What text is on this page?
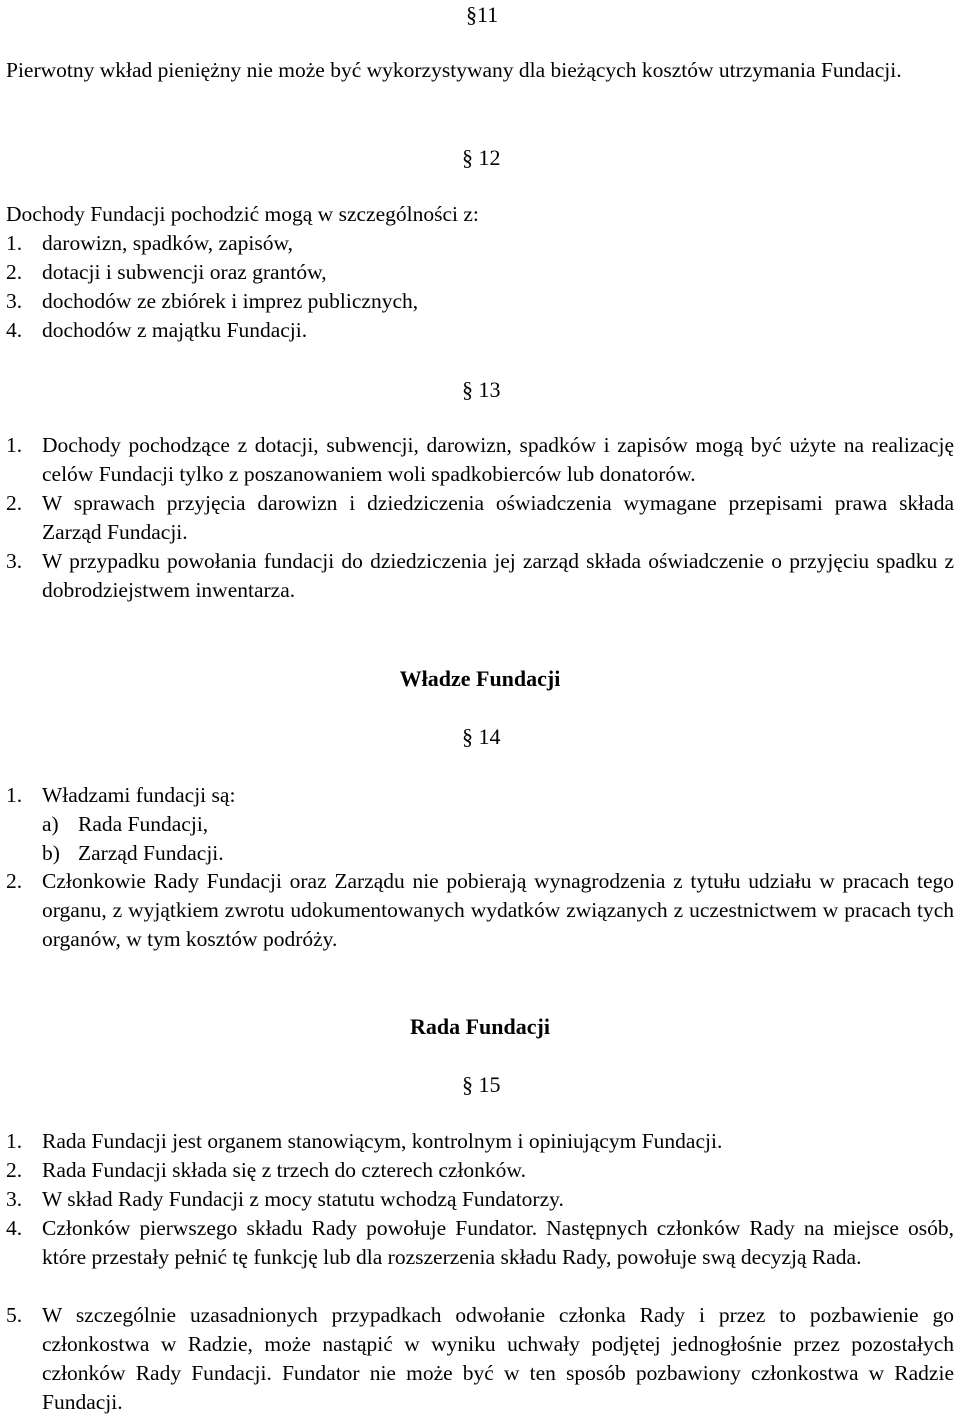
§11
Pierwotny wkład pieniężny nie może być wykorzystywany dla bieżących kosztów utrzymania Fundacji.
§ 12
Dochody Fundacji pochodzić mogą w szczególności z:
1. darowizn, spadków, zapisów,
2. dotacji i subwencji oraz grantów,
3. dochodów ze zbiórek i imprez publicznych,
4. dochodów z majątku Fundacji.
§ 13
1. Dochody pochodzące z dotacji, subwencji, darowizn, spadków i zapisów mogą być użyte na realizację celów Fundacji tylko z poszanowaniem woli spadkobierców lub donatorów.
2. W sprawach przyjęcia darowizn i dziedziczenia oświadczenia wymagane przepisami prawa składa Zarząd Fundacji.
3. W przypadku powołania fundacji do dziedziczenia jej zarząd składa oświadczenie o przyjęciu spadku z dobrodziejstwem inwentarza.
Władze Fundacji
§ 14
1. Władzami fundacji są:
a) Rada Fundacji,
b) Zarząd Fundacji.
2. Członkowie Rady Fundacji oraz Zarządu nie pobierają wynagrodzenia z tytułu udziału w pracach tego organu, z wyjątkiem zwrotu udokumentowanych wydatków związanych z uczestnictwem w pracach tych organów, w tym kosztów podróży.
Rada Fundacji
§ 15
1. Rada Fundacji jest organem stanowiącym, kontrolnym i opiniującym Fundacji.
2. Rada Fundacji składa się z trzech do czterech członków.
3. W skład Rady Fundacji z mocy statutu wchodzą Fundatorzy.
4. Członków pierwszego składu Rady powołuje Fundator. Następnych członków Rady na miejsce osób, które przestały pełnić tę funkcję lub dla rozszerzenia składu Rady, powołuje swą decyzją Rada.
5. W szczególnie uzasadnionych przypadkach odwołanie członka Rady i przez to pozbawienie go członkostwa w Radzie, może nastąpić w wyniku uchwały podjętej jednogłośnie przez pozostałych członków Rady Fundacji. Fundator nie może być w ten sposób pozbawiony członkostwa w Radzie Fundacji.
